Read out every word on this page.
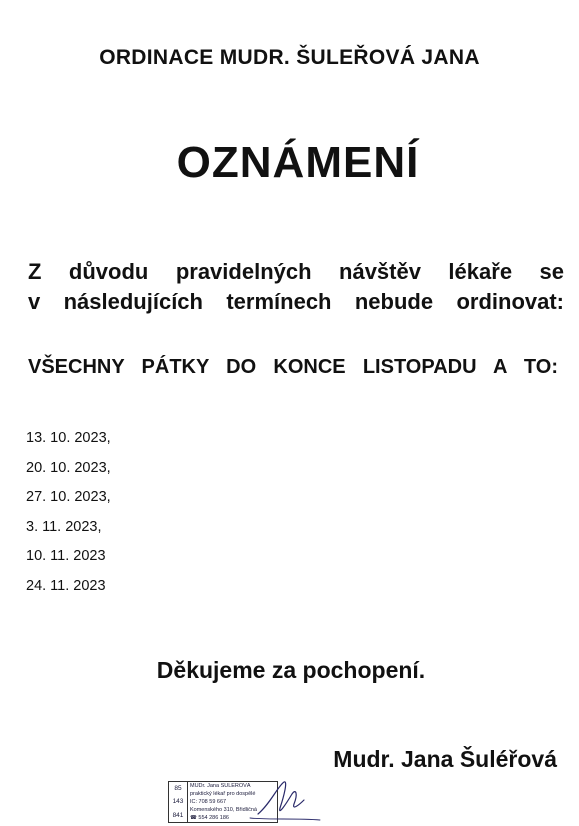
ORDINACE MUDR. ŠULEŘOVÁ JANA
OZNÁMENÍ
Z důvodu pravidelných návštěv lékaře se
v následujících termínech nebude ordinovat:
VŠECHNY PÁTKY DO KONCE LISTOPADU A TO:
13. 10. 2023,
20. 10. 2023,
27. 10. 2023,
3. 11. 2023,
10. 11. 2023
24. 11. 2023
Děkujeme za pochopení.
Mudr. Jana Šuléřová
85
143
841
MUDr. Jana ŠULEŘOVÁ
praktický lékař pro dospělé
IČ: 708 59 667
Komenského 310, Břidličná
☎ 554 286 186
